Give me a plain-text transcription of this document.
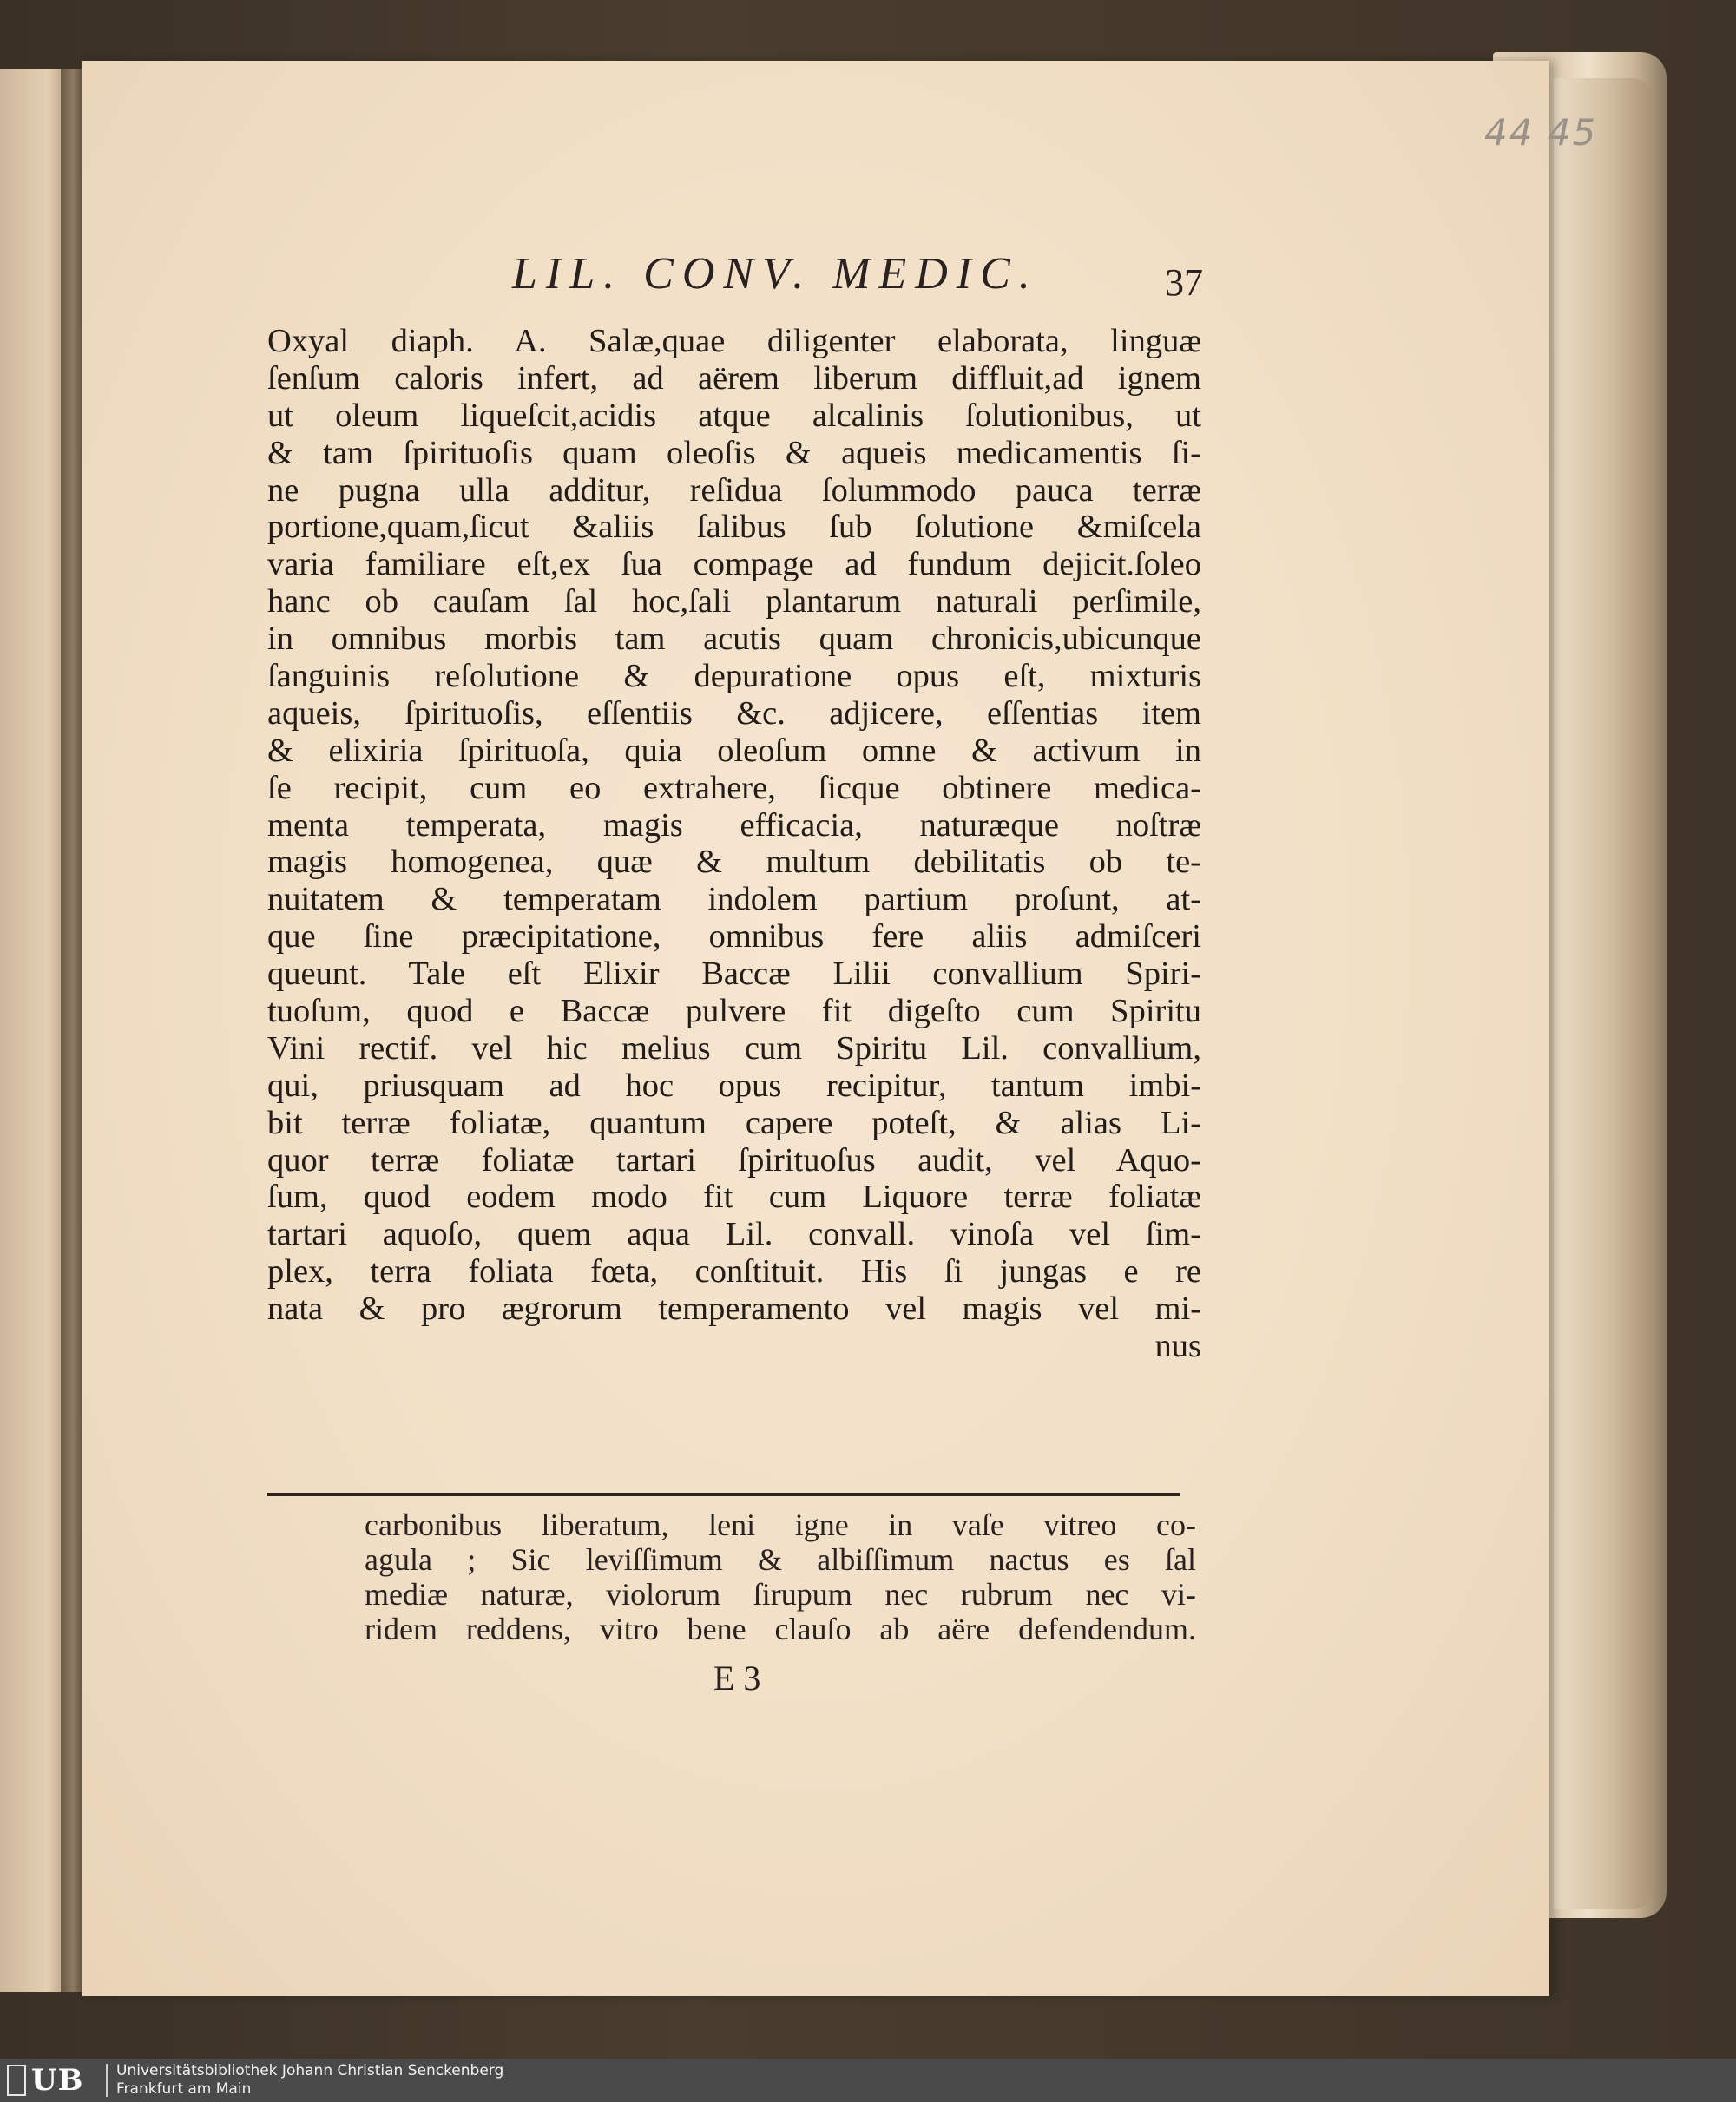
44 45
LIL. CONV. MEDIC.	37
Oxyal diaph. A. Salæ,quae diligenter elaborata, linguæ
ſenſum caloris infert, ad aërem liberum diffluit,ad ignem
ut oleum liqueſcit,acidis atque alcalinis ſolutionibus, ut
& tam ſpirituoſis quam oleoſis & aqueis medicamentis ſi-
ne pugna ulla additur, reſidua ſolummodo pauca terræ
portione,quam,ſicut &aliis ſalibus ſub ſolutione &miſcela
varia familiare eſt,ex ſua compage ad fundum dejicit.ſoleo
hanc ob cauſam ſal hoc,ſali plantarum naturali perſimile,
in omnibus morbis tam acutis quam chronicis,ubicunque
ſanguinis reſolutione & depuratione opus eſt, mixturis
aqueis, ſpirituoſis, eſſentiis &c. adjicere, eſſentias item
& elixiria ſpirituoſa, quia oleoſum omne & activum in
ſe recipit, cum eo extrahere, ſicque obtinere medica-
menta temperata, magis efficacia, naturæque noſtræ
magis homogenea, quæ & multum debilitatis ob te-
nuitatem & temperatam indolem partium proſunt, at-
que ſine præcipitatione, omnibus fere aliis admiſceri
queunt. Tale eſt Elixir Baccæ Lilii convallium Spiri-
tuoſum, quod e Baccæ pulvere fit digeſto cum Spiritu
Vini rectif. vel hic melius cum Spiritu Lil. convallium,
qui, priusquam ad hoc opus recipitur, tantum imbi-
bit terræ foliatæ, quantum capere poteſt, & alias Li-
quor terræ foliatæ tartari ſpirituoſus audit, vel Aquo-
ſum, quod eodem modo fit cum Liquore terræ foliatæ
tartari aquoſo, quem aqua Lil. convall. vinoſa vel ſim-
plex, terra foliata fœta, conſtituit. His ſi jungas e re
nata & pro ægrorum temperamento vel magis vel mi-
nus
carbonibus liberatum, leni igne in vaſe vitreo co-
agula ; Sic leviſſimum & albiſſimum nactus es ſal
mediæ naturæ, violorum ſirupum nec rubrum nec vi-
ridem reddens, vitro bene clauſo ab aëre defendendum.
E 3
UB Universitätsbibliothek Johann Christian Senckenberg
Frankfurt am Main
